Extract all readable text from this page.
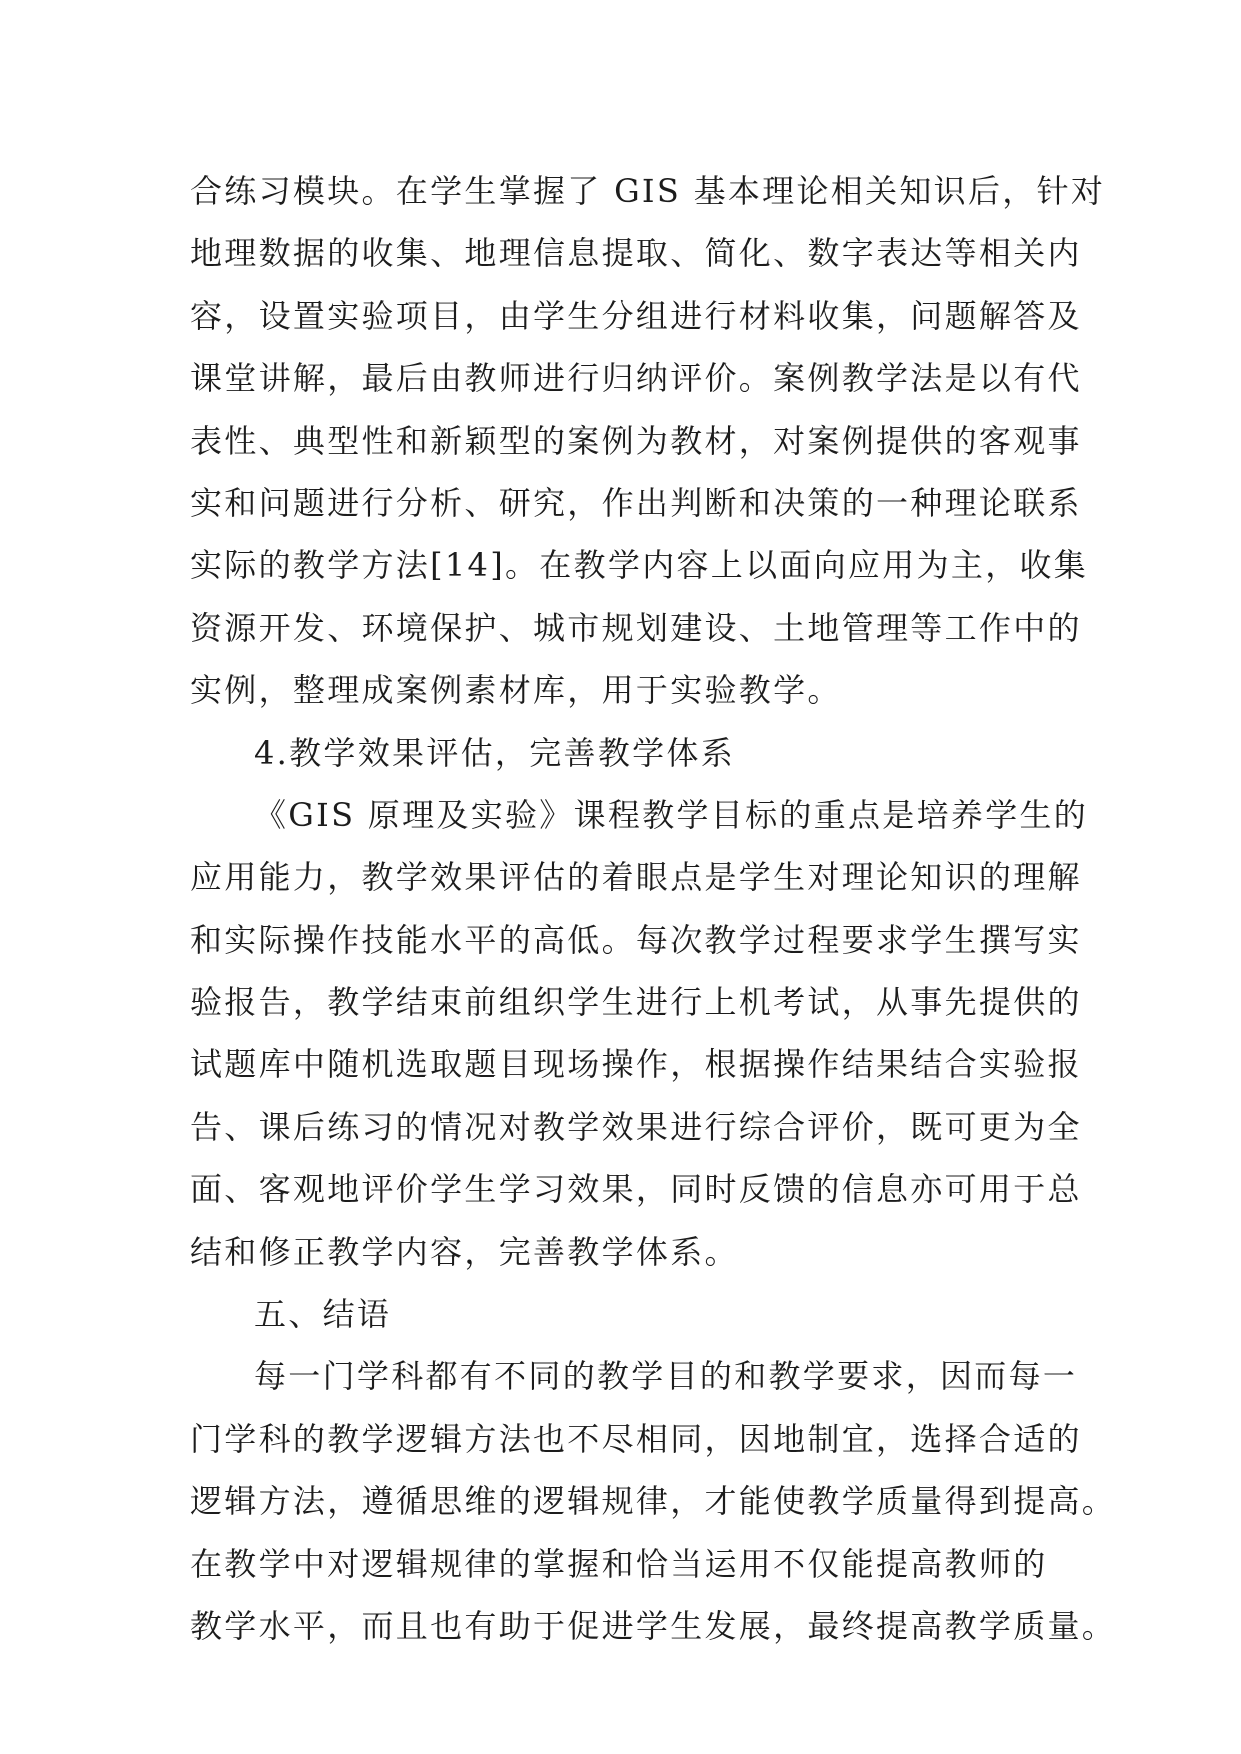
合练习模块。在学生掌握了 GIS 基本理论相关知识后，针对
地理数据的收集、地理信息提取、简化、数字表达等相关内
容，设置实验项目，由学生分组进行材料收集，问题解答及
课堂讲解，最后由教师进行归纳评价。案例教学法是以有代
表性、典型性和新颖型的案例为教材，对案例提供的客观事
实和问题进行分析、研究，作出判断和决策的一种理论联系
实际的教学方法[14]。在教学内容上以面向应用为主，收集
资源开发、环境保护、城市规划建设、土地管理等工作中的
实例，整理成案例素材库，用于实验教学。
4.教学效果评估，完善教学体系
《GIS 原理及实验》课程教学目标的重点是培养学生的
应用能力，教学效果评估的着眼点是学生对理论知识的理解
和实际操作技能水平的高低。每次教学过程要求学生撰写实
验报告，教学结束前组织学生进行上机考试，从事先提供的
试题库中随机选取题目现场操作，根据操作结果结合实验报
告、课后练习的情况对教学效果进行综合评价，既可更为全
面、客观地评价学生学习效果，同时反馈的信息亦可用于总
结和修正教学内容，完善教学体系。
五、结语
每一门学科都有不同的教学目的和教学要求，因而每一
门学科的教学逻辑方法也不尽相同，因地制宜，选择合适的
逻辑方法，遵循思维的逻辑规律，才能使教学质量得到提高。
在教学中对逻辑规律的掌握和恰当运用不仅能提高教师的
教学水平，而且也有助于促进学生发展，最终提高教学质量。
